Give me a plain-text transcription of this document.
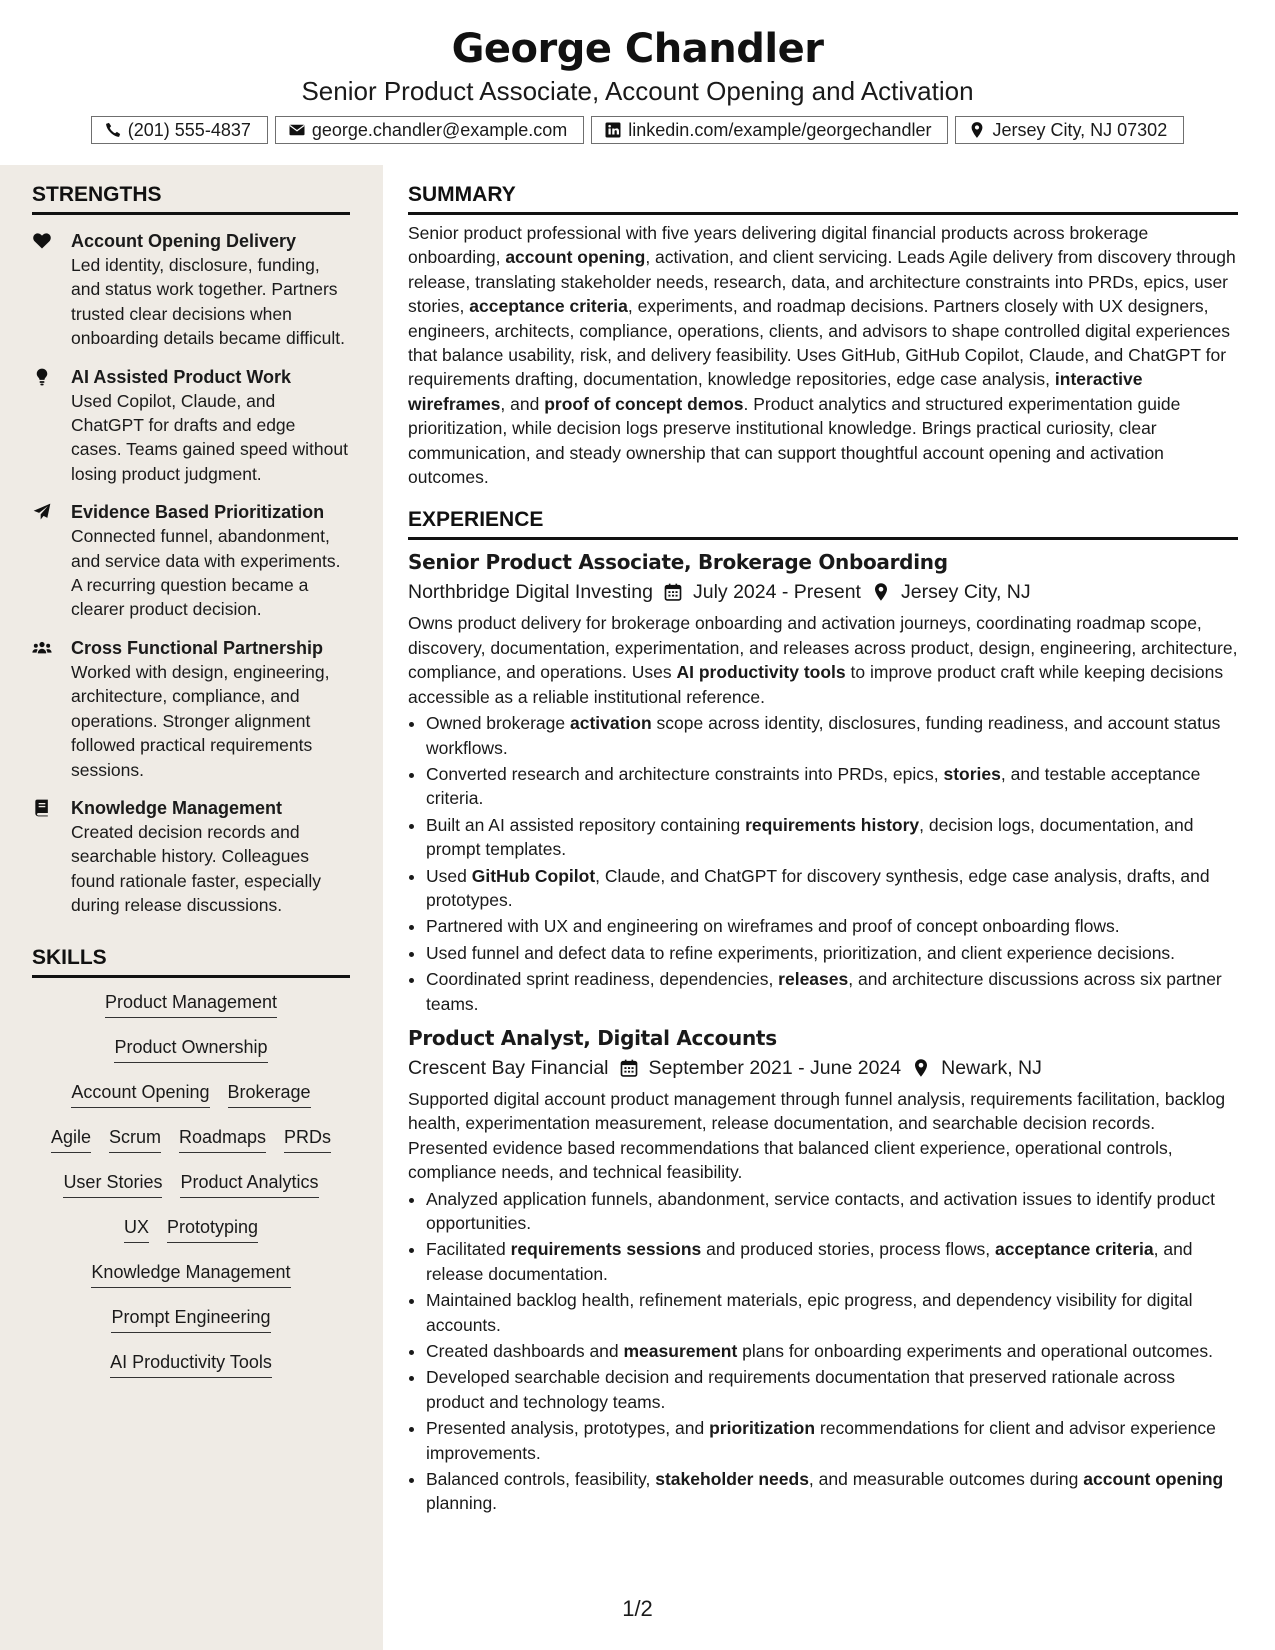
George Chandler
Senior Product Associate, Account Opening and Activation
(201) 555-4837	george.chandler@example.com	linkedin.com/example/georgechandler	Jersey City, NJ 07302
STRENGTHS
Account Opening Delivery
Led identity, disclosure, funding, and status work together. Partners trusted clear decisions when onboarding details became difficult.
AI Assisted Product Work
Used Copilot, Claude, and ChatGPT for drafts and edge cases. Teams gained speed without losing product judgment.
Evidence Based Prioritization
Connected funnel, abandonment, and service data with experiments. A recurring question became a clearer product decision.
Cross Functional Partnership
Worked with design, engineering, architecture, compliance, and operations. Stronger alignment followed practical requirements sessions.
Knowledge Management
Created decision records and searchable history. Colleagues found rationale faster, especially during release discussions.
SKILLS
Product Management
Product Ownership
Account Opening Brokerage
Agile Scrum Roadmaps PRDs
User Stories Product Analytics
UX Prototyping
Knowledge Management
Prompt Engineering
AI Productivity Tools
SUMMARY
Senior product professional with five years delivering digital financial products across brokerage onboarding, account opening, activation, and client servicing. Leads Agile delivery from discovery through release, translating stakeholder needs, research, data, and architecture constraints into PRDs, epics, user stories, acceptance criteria, experiments, and roadmap decisions. Partners closely with UX designers, engineers, architects, compliance, operations, clients, and advisors to shape controlled digital experiences that balance usability, risk, and delivery feasibility. Uses GitHub, GitHub Copilot, Claude, and ChatGPT for requirements drafting, documentation, knowledge repositories, edge case analysis, interactive wireframes, and proof of concept demos. Product analytics and structured experimentation guide prioritization, while decision logs preserve institutional knowledge. Brings practical curiosity, clear communication, and steady ownership that can support thoughtful account opening and activation outcomes.
EXPERIENCE
Senior Product Associate, Brokerage Onboarding
Northbridge Digital Investing July 2024 - Present Jersey City, NJ
Owns product delivery for brokerage onboarding and activation journeys, coordinating roadmap scope, discovery, documentation, experimentation, and releases across product, design, engineering, architecture, compliance, and operations. Uses AI productivity tools to improve product craft while keeping decisions accessible as a reliable institutional reference.
• Owned brokerage activation scope across identity, disclosures, funding readiness, and account status workflows.
• Converted research and architecture constraints into PRDs, epics, stories, and testable acceptance criteria.
• Built an AI assisted repository containing requirements history, decision logs, documentation, and prompt templates.
• Used GitHub Copilot, Claude, and ChatGPT for discovery synthesis, edge case analysis, drafts, and prototypes.
• Partnered with UX and engineering on wireframes and proof of concept onboarding flows.
• Used funnel and defect data to refine experiments, prioritization, and client experience decisions.
• Coordinated sprint readiness, dependencies, releases, and architecture discussions across six partner teams.
Product Analyst, Digital Accounts
Crescent Bay Financial September 2021 - June 2024 Newark, NJ
Supported digital account product management through funnel analysis, requirements facilitation, backlog health, experimentation measurement, release documentation, and searchable decision records. Presented evidence based recommendations that balanced client experience, operational controls, compliance needs, and technical feasibility.
• Analyzed application funnels, abandonment, service contacts, and activation issues to identify product opportunities.
• Facilitated requirements sessions and produced stories, process flows, acceptance criteria, and release documentation.
• Maintained backlog health, refinement materials, epic progress, and dependency visibility for digital accounts.
• Created dashboards and measurement plans for onboarding experiments and operational outcomes.
• Developed searchable decision and requirements documentation that preserved rationale across product and technology teams.
• Presented analysis, prototypes, and prioritization recommendations for client and advisor experience improvements.
• Balanced controls, feasibility, stakeholder needs, and measurable outcomes during account opening planning.
1/2
